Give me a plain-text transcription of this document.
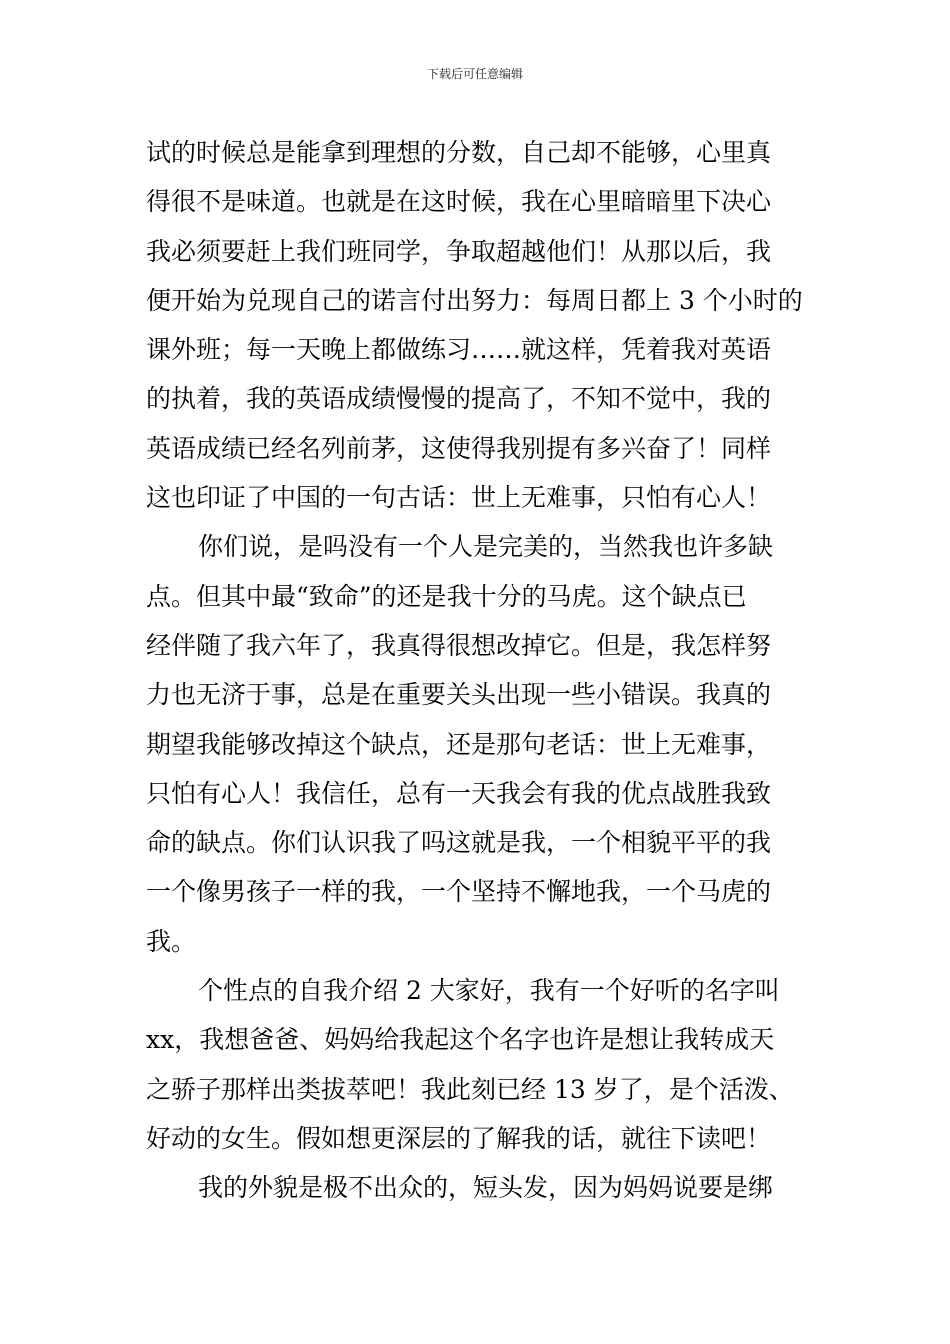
下载后可任意编辑
试的时候总是能拿到理想的分数，自己却不能够，心里真
得很不是味道。也就是在这时候，我在心里暗暗里下决心
我必须要赶上我们班同学，争取超越他们！从那以后，我
便开始为兑现自己的诺言付出努力：每周日都上 3 个小时的
课外班；每一天晚上都做练习……就这样，凭着我对英语
的执着，我的英语成绩慢慢的提高了，不知不觉中，我的
英语成绩已经名列前茅，这使得我别提有多兴奋了！同样
这也印证了中国的一句古话：世上无难事，只怕有心人！
你们说，是吗没有一个人是完美的，当然我也许多缺
点。但其中最“致命”的还是我十分的马虎。这个缺点已
经伴随了我六年了，我真得很想改掉它。但是，我怎样努
力也无济于事，总是在重要关头出现一些小错误。我真的
期望我能够改掉这个缺点，还是那句老话：世上无难事，
只怕有心人！我信任，总有一天我会有我的优点战胜我致
命的缺点。你们认识我了吗这就是我，一个相貌平平的我
一个像男孩子一样的我，一个坚持不懈地我，一个马虎的
我。
个性点的自我介绍 2 大家好，我有一个好听的名字叫
xx，我想爸爸、妈妈给我起这个名字也许是想让我转成天
之骄子那样出类拔萃吧！我此刻已经 13 岁了，是个活泼、
好动的女生。假如想更深层的了解我的话，就往下读吧！
我的外貌是极不出众的，短头发，因为妈妈说要是绑
